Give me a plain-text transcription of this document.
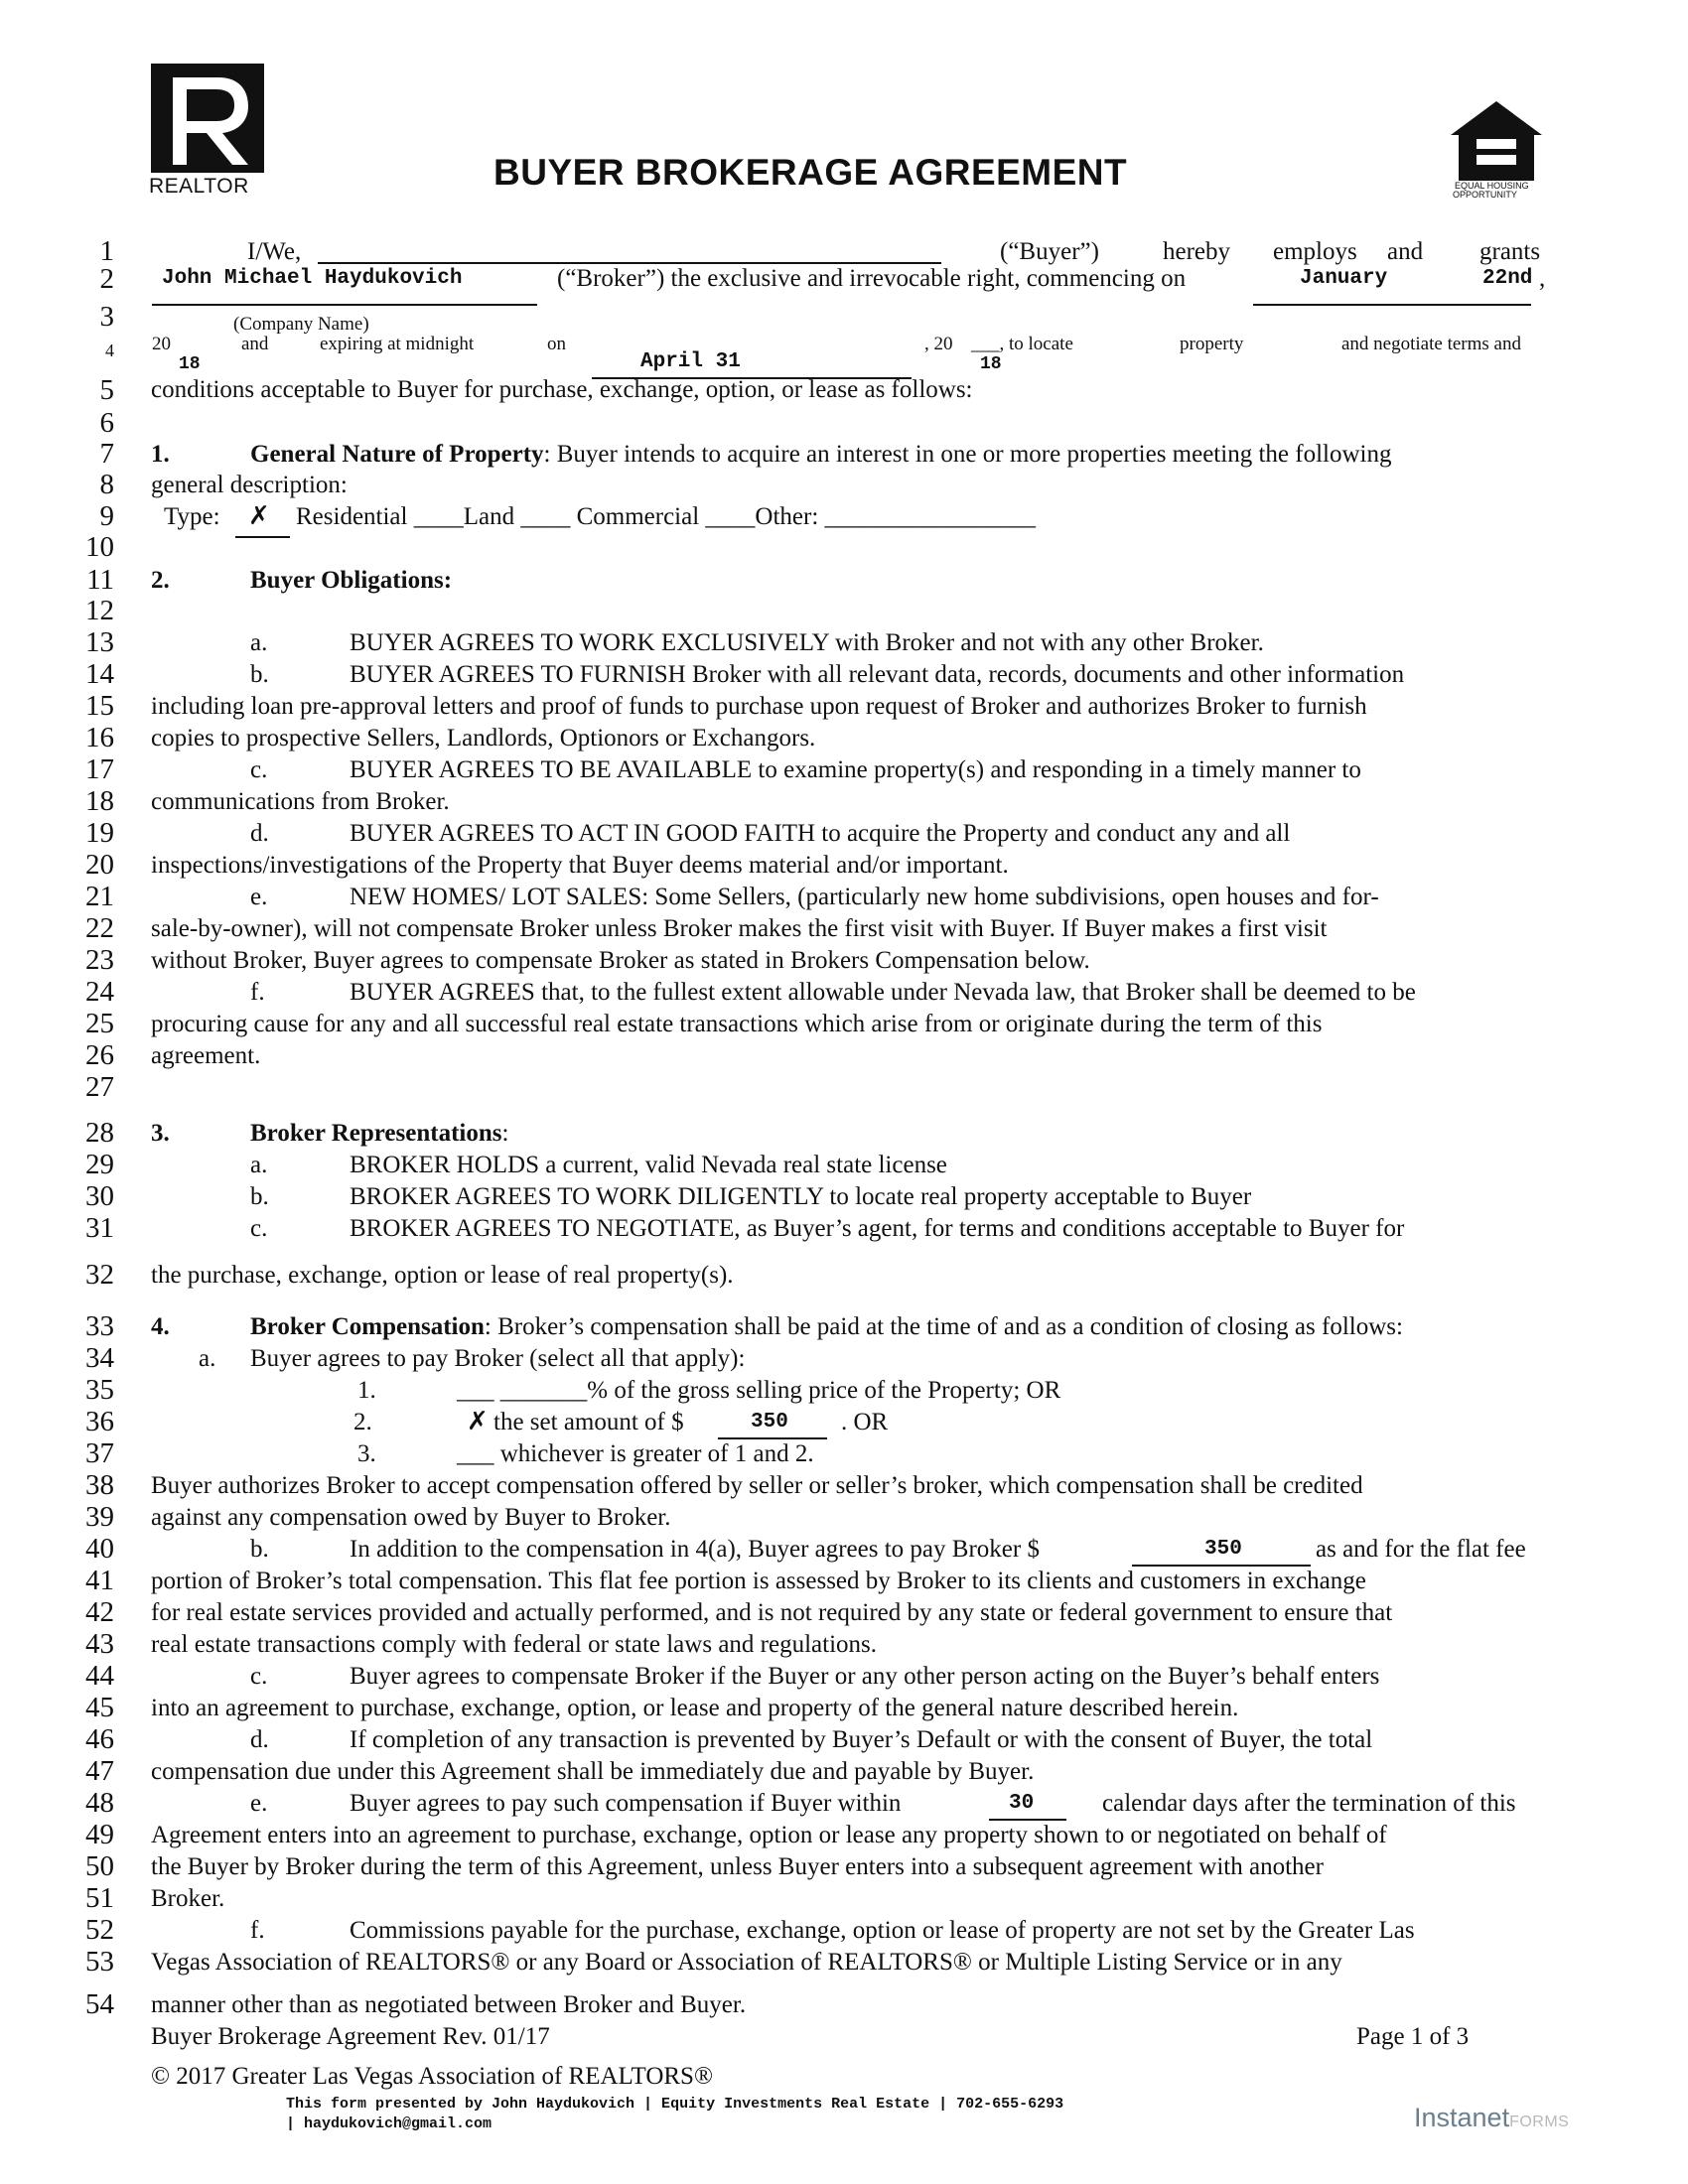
REALTOR	BUYER BROKERAGE AGREEMENT	EQUAL HOUSING
OPPORTUNITY
1
2
3
4
5
6
7
8
9
10
11
12
13
14
15
16
17
18
19
20
21
22
23
24
25
26
27
28
29
30
31
32
33
34
35
36
37
38
39
40
41
42
43
44
45
46
47
48
49
50
51
52
53
54
I/We,	(“Buyer”)	hereby employs and grants
John Michael Haydukovich	(“Broker”) the exclusive and irrevocable right, commencing on	January	22nd ,
(Company Name)
20
18
and	expiring at midnight	on
April 31
, 20
18
___, to locate	property	and negotiate terms and
conditions acceptable to Buyer for purchase, exchange, option, or lease as follows:
1.	General Nature of Property: Buyer intends to acquire an interest in one or more properties meeting the following
general description:
Type: ✗ Residential ____Land ____ Commercial ____Other: _________________
2.	Buyer Obligations:
a.	BUYER AGREES TO WORK EXCLUSIVELY with Broker and not with any other Broker.
b.	BUYER AGREES TO FURNISH Broker with all relevant data, records, documents and other information
including loan pre-approval letters and proof of funds to purchase upon request of Broker and authorizes Broker to furnish
copies to prospective Sellers, Landlords, Optionors or Exchangors.
c.	BUYER AGREES TO BE AVAILABLE to examine property(s) and responding in a timely manner to
communications from Broker.
d.	BUYER AGREES TO ACT IN GOOD FAITH to acquire the Property and conduct any and all
inspections/investigations of the Property that Buyer deems material and/or important.
e.	NEW HOMES/ LOT SALES: Some Sellers, (particularly new home subdivisions, open houses and for-
sale-by-owner), will not compensate Broker unless Broker makes the first visit with Buyer. If Buyer makes a first visit
without Broker, Buyer agrees to compensate Broker as stated in Brokers Compensation below.
f.	BUYER AGREES that, to the fullest extent allowable under Nevada law, that Broker shall be deemed to be
procuring cause for any and all successful real estate transactions which arise from or originate during the term of this
agreement.
3.	Broker Representations:
a.	BROKER HOLDS a current, valid Nevada real state license
b.	BROKER AGREES TO WORK DILIGENTLY to locate real property acceptable to Buyer
c.	BROKER AGREES TO NEGOTIATE, as Buyer’s agent, for terms and conditions acceptable to Buyer for
the purchase, exchange, option or lease of real property(s).
4.	Broker Compensation: Broker’s compensation shall be paid at the time of and as a condition of closing as follows:
a. Buyer agrees to pay Broker (select all that apply):
1.	___ _______% of the gross selling price of the Property; OR
2.	✗ the set amount of $	350 . OR
3.	___ whichever is greater of 1 and 2.
Buyer authorizes Broker to accept compensation offered by seller or seller’s broker, which compensation shall be credited
against any compensation owed by Buyer to Broker.
b.	In addition to the compensation in 4(a), Buyer agrees to pay Broker $	350	as and for the flat fee
portion of Broker’s total compensation. This flat fee portion is assessed by Broker to its clients and customers in exchange
for real estate services provided and actually performed, and is not required by any state or federal government to ensure that
real estate transactions comply with federal or state laws and regulations.
c.	Buyer agrees to compensate Broker if the Buyer or any other person acting on the Buyer’s behalf enters
into an agreement to purchase, exchange, option, or lease and property of the general nature described herein.
d.	If completion of any transaction is prevented by Buyer’s Default or with the consent of Buyer, the total
compensation due under this Agreement shall be immediately due and payable by Buyer.
e.	Buyer agrees to pay such compensation if Buyer within	30	calendar days after the termination of this
Agreement enters into an agreement to purchase, exchange, option or lease any property shown to or negotiated on behalf of
the Buyer by Broker during the term of this Agreement, unless Buyer enters into a subsequent agreement with another
Broker.
f.	Commissions payable for the purchase, exchange, option or lease of property are not set by the Greater Las
Vegas Association of REALTORS® or any Board or Association of REALTORS® or Multiple Listing Service or in any
manner other than as negotiated between Broker and Buyer.
Buyer Brokerage Agreement Rev. 01/17	Page 1 of 3
© 2017 Greater Las Vegas Association of REALTORS®
This form presented by John Haydukovich | Equity Investments Real Estate | 702-655-6293
| haydukovich@gmail.com	InstanetFORMS
